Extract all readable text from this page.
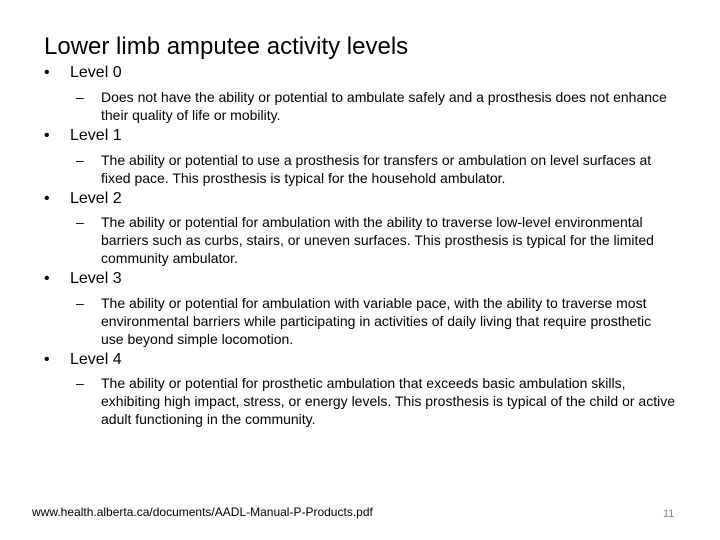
Lower limb amputee activity levels
• Level 0
– Does not have the ability or potential to ambulate safely and a prosthesis does not enhance their quality of life or mobility.
• Level 1
– The ability or potential to use a prosthesis for transfers or ambulation on level surfaces at fixed pace. This prosthesis is typical for the household ambulator.
• Level 2
– The ability or potential for ambulation with the ability to traverse low-level environmental barriers such as curbs, stairs, or uneven surfaces. This prosthesis is typical for the limited community ambulator.
• Level 3
– The ability or potential for ambulation with variable pace, with the ability to traverse most environmental barriers while participating in activities of daily living that require prosthetic use beyond simple locomotion.
• Level 4
– The ability or potential for prosthetic ambulation that exceeds basic ambulation skills, exhibiting high impact, stress, or energy levels. This prosthesis is typical of the child or active adult functioning in the community.
www.health.alberta.ca/documents/AADL-Manual-P-Products.pdf	11
